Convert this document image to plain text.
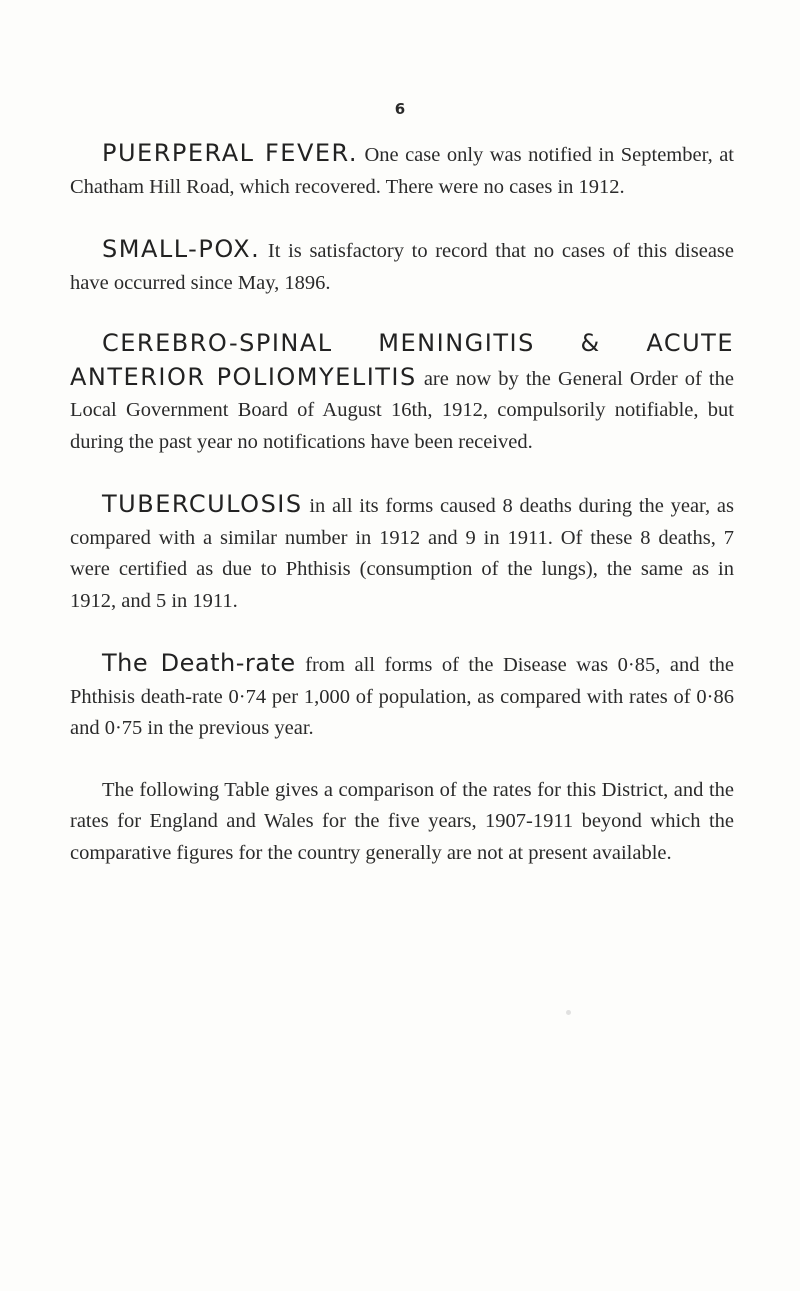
6

PUERPERAL FEVER. One case only was notified in September, at Chatham Hill Road, which recovered. There were no cases in 1912.

SMALL-POX. It is satisfactory to record that no cases of this disease have occurred since May, 1896.

CEREBRO-SPINAL MENINGITIS & ACUTE ANTERIOR POLIOMYELITIS are now by the General Order of the Local Government Board of August 16th, 1912, compulsorily notifiable, but during the past year no notifications have been received.

TUBERCULOSIS in all its forms caused 8 deaths during the year, as compared with a similar number in 1912 and 9 in 1911. Of these 8 deaths, 7 were certified as due to Phthisis (consumption of the lungs), the same as in 1912, and 5 in 1911.

The Death-rate from all forms of the Disease was 0·85, and the Phthisis death-rate 0·74 per 1,000 of population, as compared with rates of 0·86 and 0·75 in the previous year.

The following Table gives a comparison of the rates for this District, and the rates for England and Wales for the five years, 1907-1911 beyond which the comparative figures for the country generally are not at present available.
